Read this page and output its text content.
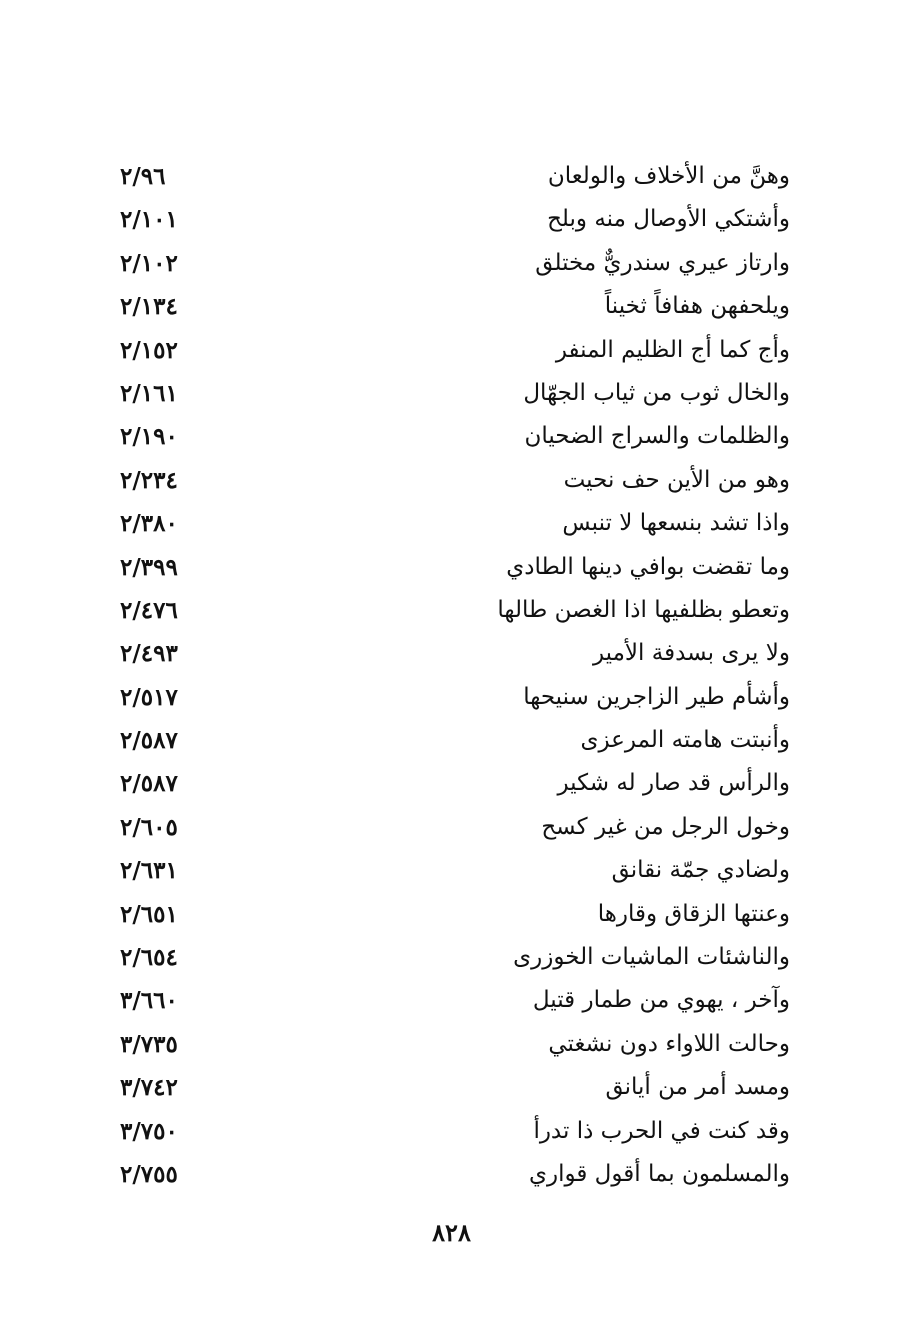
وهنَّ من الأخلاف والولعان
٢/٩٦
وأشتكي الأوصال منه وبلح
٢/١٠١
وارتاز عيري سندريٌّ مختلق
٢/١٠٢
ويلحفهن هفافاً ثخيناً
٢/١٣٤
وأج كما أج الظليم المنفر
٢/١٥٢
والخال ثوب من ثياب الجهّال
٢/١٦١
والظلمات والسراج الضحيان
٢/١٩٠
وهو من الأين حف نحيت
٢/٢٣٤
واذا تشد بنسعها لا تنبس
٢/٣٨٠
وما تقضت بوافي دينها الطادي
٢/٣٩٩
وتعطو بظلفيها اذا الغصن طالها
٢/٤٧٦
ولا يرى بسدفة الأمير
٢/٤٩٣
وأشأم طير الزاجرين سنيحها
٢/٥١٧
وأنبتت هامته المرعزى
٢/٥٨٧
والرأس قد صار له شكير
٢/٥٨٧
وخول الرجل من غير كسح
٢/٦٠٥
ولضادي جمّة نقانق
٢/٦٣١
وعنتها الزقاق وقارها
٢/٦٥١
والناشئات الماشيات الخوزرى
٢/٦٥٤
وآخر ، يهوي من طمار قتيل
٣/٦٦٠
وحالت اللاواء دون نشغتي
٣/٧٣٥
ومسد أمر من أيانق
٣/٧٤٢
وقد كنت في الحرب ذا تدرأ
٣/٧٥٠
والمسلمون بما أقول قواري
٢/٧٥٥
٨٢٨
